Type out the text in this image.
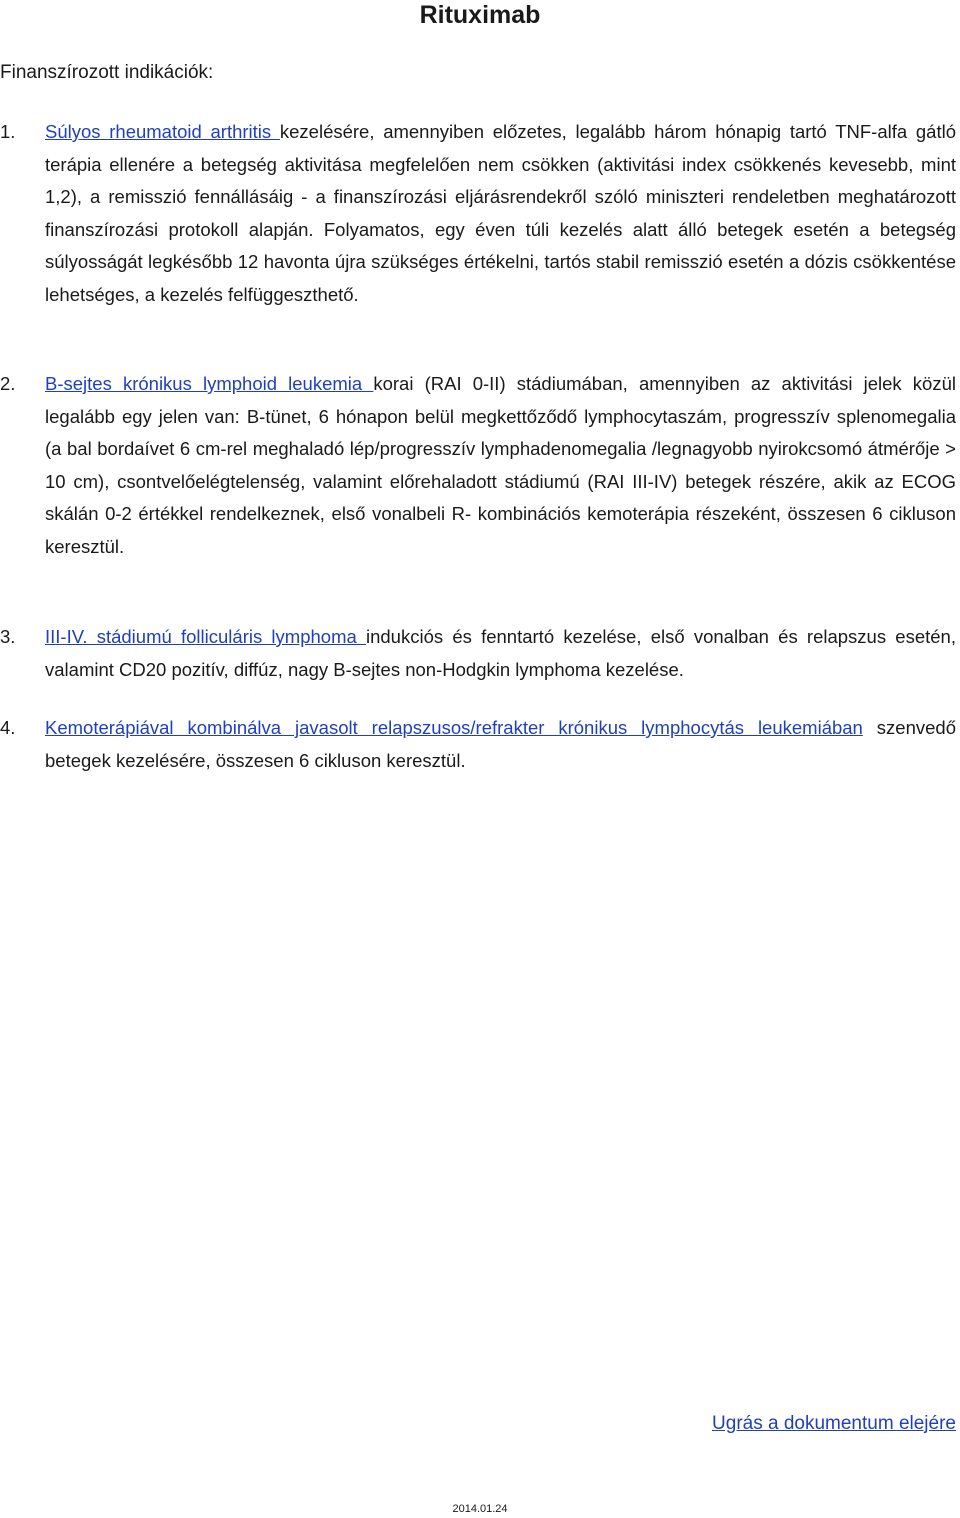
Rituximab

Finanszírozott indikációk:

1. Súlyos rheumatoid arthritis kezelésére, amennyiben előzetes, legalább három hónapig tartó TNF-alfa gátló terápia ellenére a betegség aktivitása megfelelően nem csökken (aktivitási index csökkenés kevesebb, mint 1,2), a remisszió fennállásáig - a finanszírozási eljárásrendekről szóló miniszteri rendeletben meghatározott finanszírozási protokoll alapján. Folyamatos, egy éven túli kezelés alatt álló betegek esetén a betegség súlyosságát legkésőbb 12 havonta újra szükséges értékelni, tartós stabil remisszió esetén a dózis csökkentése lehetséges, a kezelés felfüggeszthető.
2. B-sejtes krónikus lymphoid leukemia korai (RAI 0-II) stádiumában, amennyiben az aktivitási jelek közül legalább egy jelen van: B-tünet, 6 hónapon belül megkettőződő lymphocytaszám, progresszív splenomegalia (a bal bordaívet 6 cm-rel meghaladó lép/progresszív lymphadenomegalia /legnagyobb nyirokcsomó átmérője > 10 cm), csontvelőelégtelenség, valamint előrehaladott stádiumú (RAI III-IV) betegek részére, akik az ECOG skálán 0-2 értékkel rendelkeznek, első vonalbeli R- kombinációs kemoterápia részeként, összesen 6 cikluson keresztül.
3. III-IV. stádiumú folliculáris lymphoma indukciós és fenntartó kezelése, első vonalban és relapszus esetén, valamint CD20 pozitív, diffúz, nagy B-sejtes non-Hodgkin lymphoma kezelése.
4. Kemoterápiával kombinálva javasolt relapszusos/refrakter krónikus lymphocytás leukemiában szenvedő betegek kezelésére, összesen 6 cikluson keresztül.
Ugrás a dokumentum elejére
2014.01.24
